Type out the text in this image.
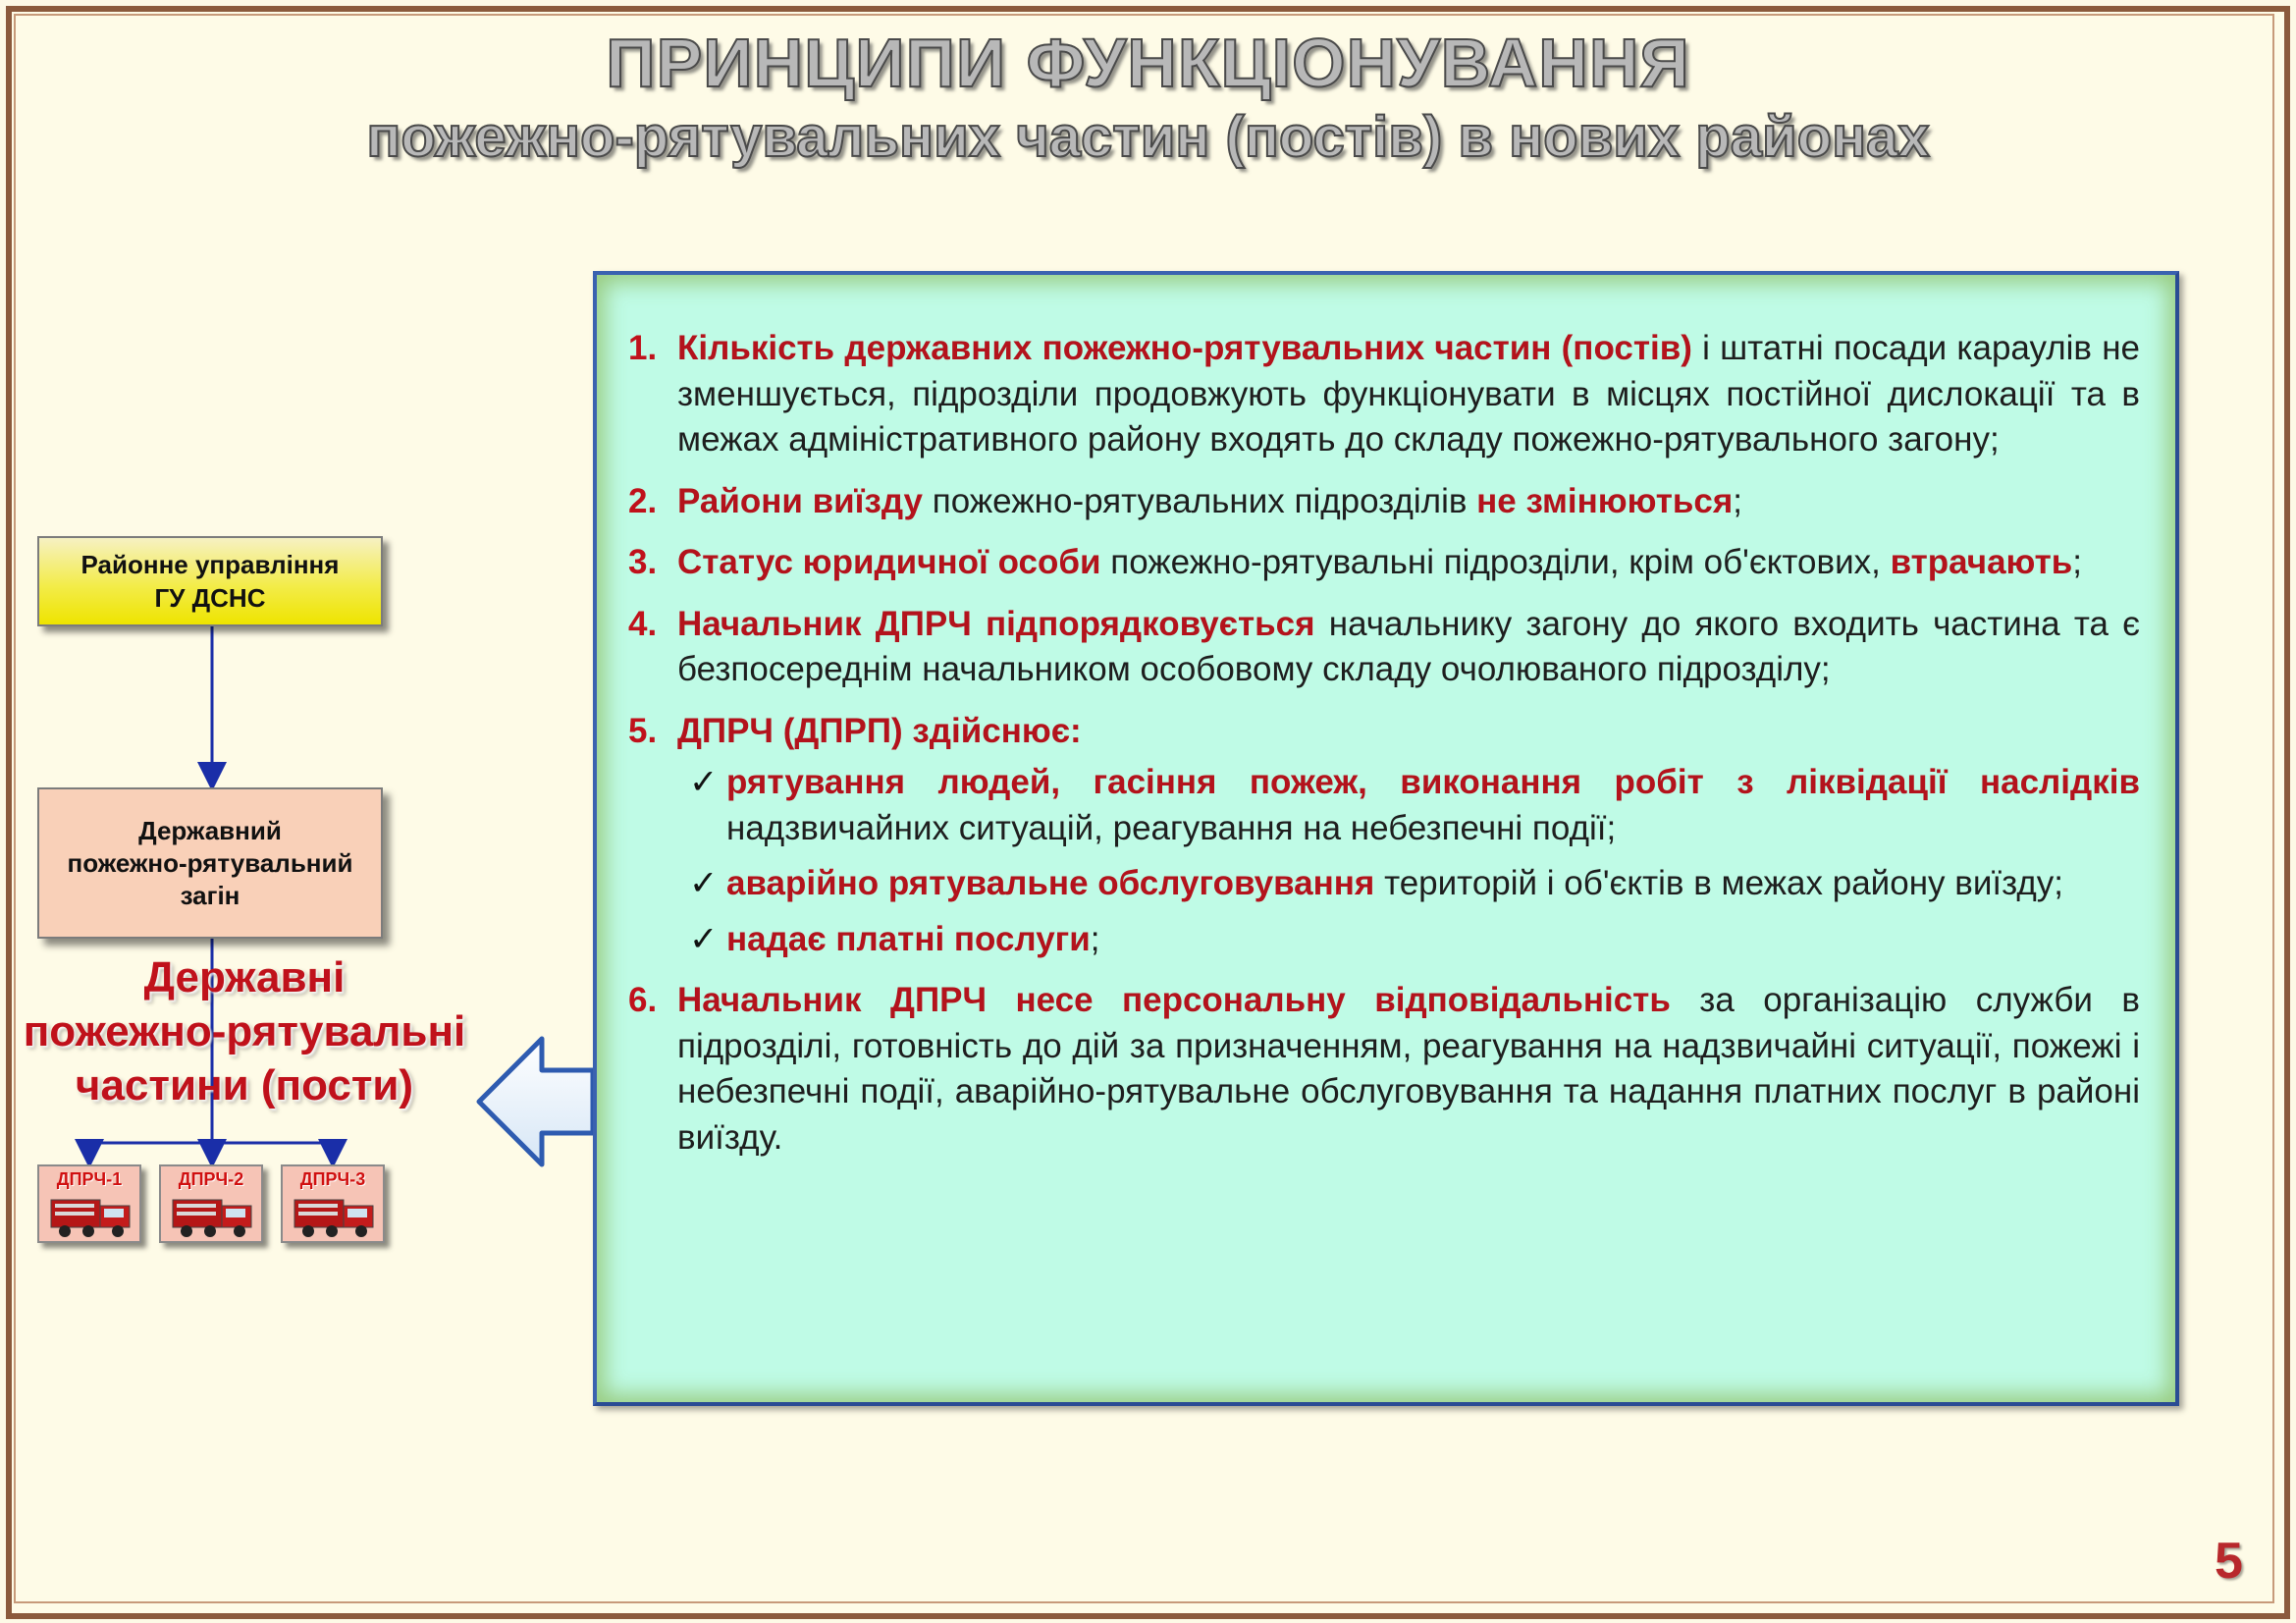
ПРИНЦИПИ ФУНКЦІОНУВАННЯ
пожежно-рятувальних частин (постів) в нових районах
Районне управління
ГУ ДСНС
Державний
пожежно-рятувальний
загін
Державні
пожежно-рятувальні
частини (пости)
ДПРЧ-1	ДПРЧ-2	ДПРЧ-3
1. Кількість державних пожежно-рятувальних частин (постів) і штатні посади караулів не зменшується, підрозділи продовжують функціонувати в місцях постійної дислокації та в межах адміністративного району входять до складу пожежно-рятувального загону;
2. Райони виїзду пожежно-рятувальних підрозділів не змінюються;
3. Статус юридичної особи пожежно-рятувальні підрозділи, крім об'єктових, втрачають;
4. Начальник ДПРЧ підпорядковується начальнику загону до якого входить частина та є безпосереднім начальником особовому складу очолюваного підрозділу;
5. ДПРЧ (ДПРП) здійснює:
✓ рятування людей, гасіння пожеж, виконання робіт з ліквідації наслідків надзвичайних ситуацій, реагування на небезпечні події;
✓ аварійно рятувальне обслуговування територій і об'єктів в межах району виїзду;
✓ надає платні послуги;
6. Начальник ДПРЧ несе персональну відповідальність за організацію служби в підрозділі, готовність до дій за призначенням, реагування на надзвичайні ситуації, пожежі і небезпечні події, аварійно-рятувальне обслуговування та надання платних послуг в районі виїзду.
5
